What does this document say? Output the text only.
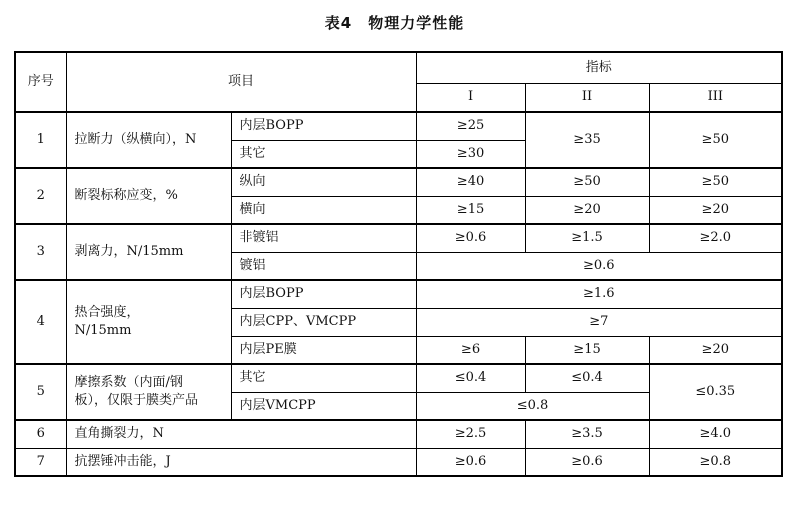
表4　物理力学性能
序号	项目		指标		
			I	II	III
1	拉断力（纵横向），N	内层BOPP	≥25	≥35	≥50
		其它	≥30		
2	断裂标称应变，%	纵向	≥40	≥50	≥50
		横向	≥15	≥20	≥20
3	剥离力，N/15mm	非镀铝	≥0.6	≥1.5	≥2.0
		镀铝	≥0.6		
4	热合强度，
N/15mm	内层BOPP	≥1.6		
		内层CPP、VMCPP	≥7		
		内层PE膜	≥6	≥15	≥20
5	摩擦系数（内面/钢
板），仅限于膜类产品	其它	≤0.4	≤0.4	≤0.35
		内层VMCPP	≤0.8		
6	直角撕裂力，N		≥2.5	≥3.5	≥4.0
7	抗摆锤冲击能，J		≥0.6	≥0.6	≥0.8
